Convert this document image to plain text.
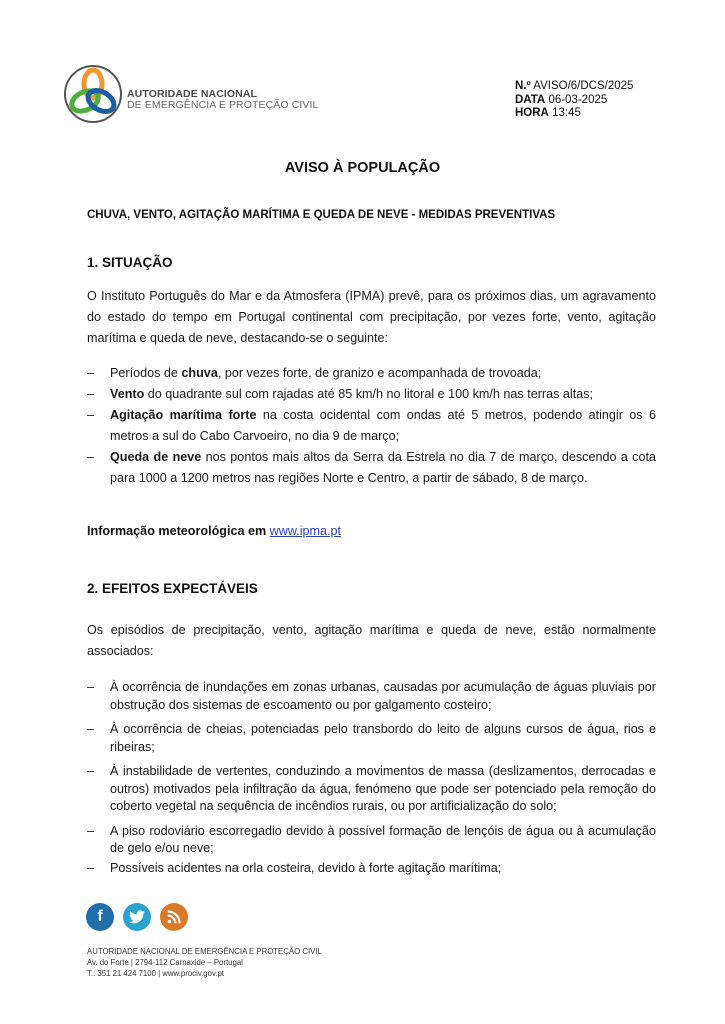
AUTORIDADE NACIONAL
DE EMERGÊNCIA E PROTEÇÃO CIVIL
N.º AVISO/6/DCS/2025
DATA 06-03-2025
HORA 13:45
AVISO À POPULAÇÃO
CHUVA, VENTO, AGITAÇÃO MARÍTIMA E QUEDA DE NEVE - MEDIDAS PREVENTIVAS
1. SITUAÇÃO
O Instituto Português do Mar e da Atmosfera (IPMA) prevê, para os próximos dias, um agravamento do estado do tempo em Portugal continental com precipitação, por vezes forte, vento, agitação marítima e queda de neve, destacando-se o seguinte:
–	Períodos de chuva, por vezes forte, de granizo e acompanhada de trovoada;
–	Vento do quadrante sul com rajadas até 85 km/h no litoral e 100 km/h nas terras altas;
–	Agitação marítima forte na costa ocidental com ondas até 5 metros, podendo atingir os 6 metros a sul do Cabo Carvoeiro, no dia 9 de março;
–	Queda de neve nos pontos mais altos da Serra da Estrela no dia 7 de março, descendo a cota para 1000 a 1200 metros nas regiões Norte e Centro, a partir de sábado, 8 de março.
Informação meteorológica em www.ipma.pt
2. EFEITOS EXPECTÁVEIS
Os episódios de precipitação, vento, agitação marítima e queda de neve, estão normalmente associados:
–	À ocorrência de inundações em zonas urbanas, causadas por acumulação de águas pluviais por obstrução dos sistemas de escoamento ou por galgamento costeiro;
–	À ocorrência de cheias, potenciadas pelo transbordo do leito de alguns cursos de água, rios e ribeiras;
–	À instabilidade de vertentes, conduzindo a movimentos de massa (deslizamentos, derrocadas e outros) motivados pela infiltração da água, fenómeno que pode ser potenciado pela remoção do coberto vegetal na sequência de incêndios rurais, ou por artificialização do solo;
–	A piso rodoviário escorregadio devido à possível formação de lençóis de água ou à acumulação de gelo e/ou neve;
–	Possíveis acidentes na orla costeira, devido à forte agitação marítima;
f
AUTORIDADE NACIONAL DE EMERGÊNCIA E PROTEÇÃO CIVIL
Av. do Forte | 2794-112 Carnaxide – Portugal
T.: 351 21 424 7100 | www.prociv.gov.pt
